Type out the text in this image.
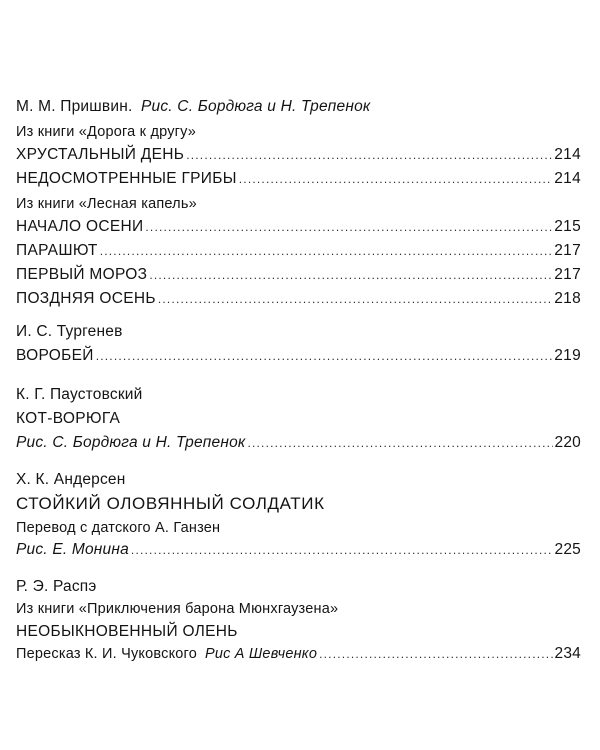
М. М. Пришвин. Рис. С. Бордюга и Н. Трепенок
Из книги «Дорога к другу»
ХРУСТАЛЬНЫЙ ДЕНЬ .....	214
НЕДОСМОТРЕННЫЕ ГРИБЫ .....	214
Из книги «Лесная капель»
НАЧАЛО ОСЕНИ .....	215
ПАРАШЮТ .....	217
ПЕРВЫЙ МОРОЗ .....	217
ПОЗДНЯЯ ОСЕНЬ .....	218
И. С. Тургенев
ВОРОБЕЙ .....	219
К. Г. Паустовский
КОТ-ВОРЮГА
Рис. С. Бордюга и Н. Трепенок .....	220
Х. К. Андерсен
СТОЙКИЙ ОЛОВЯННЫЙ СОЛДАТИК
Перевод с датского А. Ганзен
Рис. Е. Монина .....	225
Р. Э. Распэ
Из книги «Приключения барона Мюнхгаузена»
НЕОБЫКНОВЕННЫЙ ОЛЕНЬ
Пересказ К. И. Чуковского Рис А Шевченко .....	234
